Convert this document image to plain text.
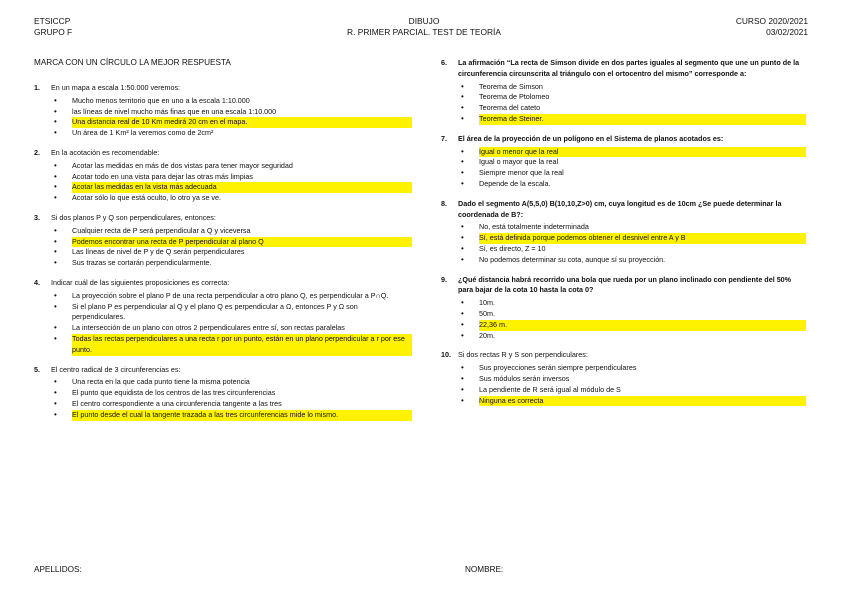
ETSICCP
GRUPO F
DIBUJO
R. PRIMER PARCIAL. TEST DE TEORÍA
CURSO 2020/2021
03/02/2021
MARCA CON UN CÍRCULO LA MEJOR RESPUESTA
1.	En un mapa a escala 1:50.000 veremos:
•	Mucho menos territorio que en uno a la escala 1:10.000
•	las líneas de nivel mucho más finas que en una escala 1:10.000
•	Una distancia real de 10 Km medirá 20 cm en el mapa.
•	Un área de 1 Km² la veremos como de 2cm²
2.	En la acotación es recomendable:
•	Acotar las medidas en más de dos vistas para tener mayor seguridad
•	Acotar todo en una vista para dejar las otras más limpias
•	Acotar las medidas en la vista más adecuada
•	Acotar sólo lo que está oculto, lo otro ya se ve.
3.	Si dos planos P y Q son perpendiculares, entonces:
•	Cualquier recta de P será perpendicular a Q y viceversa
•	Podemos encontrar una recta de P perpendicular al plano Q
•	Las líneas de nivel de P y de Q serán perpendiculares
•	Sus trazas se cortarán perpendicularmente.
4.	Indicar cuál de las siguientes proposiciones es correcta:
•	La proyección sobre el plano P de una recta perpendicular a otro plano Q, es perpendicular a P∩Q.
•	Si el plano P es perpendicular al Q y el plano Q es perpendicular a Ω, entonces P y Ω son perpendiculares.
•	La intersección de un plano con otros 2 perpendiculares entre sí, son rectas paralelas
•	Todas las rectas perpendiculares a una recta r por un punto, están en un plano perpendicular a r por ese punto.
5.	El centro radical de 3 circunferencias es:
•	Una recta en la que cada punto tiene la misma potencia
•	El punto que equidista de los centros de las tres circunferencias
•	El centro correspondiente a una circunferencia tangente a las tres
•	El punto desde el cual la tangente trazada a las tres circunferencias mide lo mismo.
6.	La afirmación “La recta de Simson divide en dos partes iguales al segmento que une un punto de la circunferencia circunscrita al triángulo con el ortocentro del mismo” corresponde a:
•	Teorema de Simson
•	Teorema de Ptolomeo
•	Teorema del cateto
•	Teorema de Steiner.
7.	El área de la proyección de un polígono en el Sistema de planos acotados es:
•	Igual o menor que la real
•	Igual o mayor que la real
•	Siempre menor que la real
•	Depende de la escala.
8.	Dado el segmento A(5,5,0) B(10,10,Z>0) cm, cuya longitud es de 10cm ¿Se puede determinar la coordenada de B?:
•	No, está totalmente indeterminada
•	Sí, está definida porque podemos obtener el desnivel entre A y B
•	Sí, es directo, Z = 10
•	No podemos determinar su cota, aunque sí su proyección.
9.	¿Qué distancia habrá recorrido una bola que rueda por un plano inclinado con pendiente del 50% para bajar de la cota 10 hasta la cota 0?
•	10m.
•	50m.
•	22,36 m.
•	20m.
10. Si dos rectas R y S son perpendiculares:
•	Sus proyecciones serán siempre perpendiculares
•	Sus módulos serán inversos
•	La pendiente de R será igual al módulo de S
•	Ninguna es correcta
APELLIDOS:	NOMBRE:
